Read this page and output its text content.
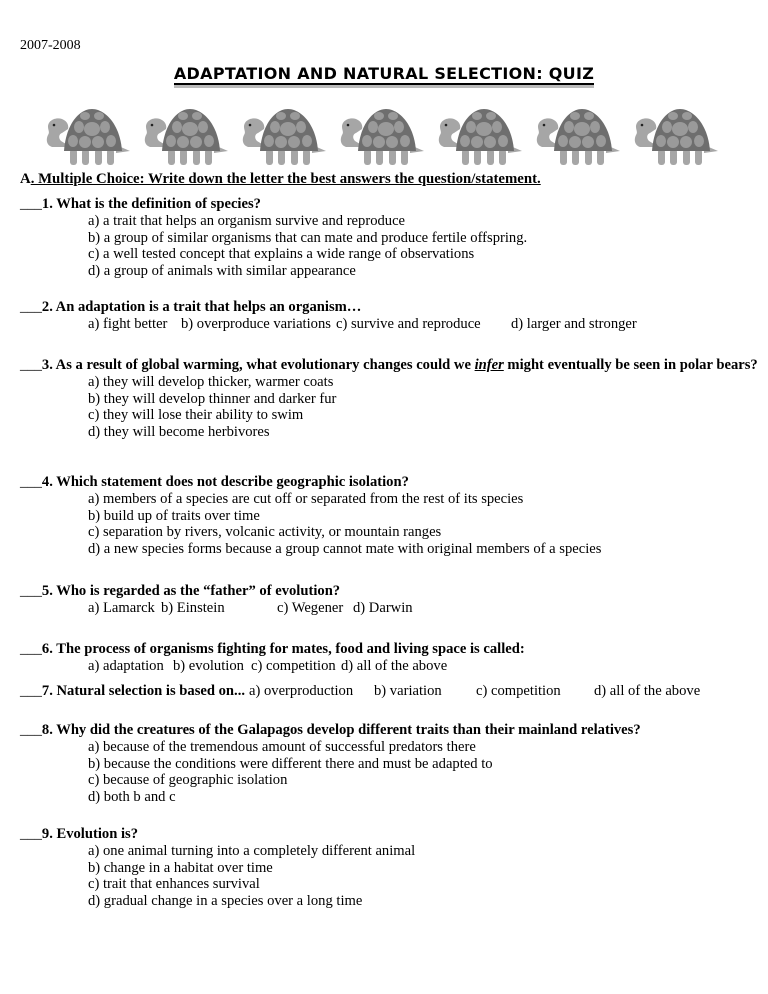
2007-2008
ADAPTATION AND NATURAL SELECTION: QUIZ
A. Multiple Choice: Write down the letter the best answers the question/statement.
___1. What is the definition of species?
a) a trait that helps an organism survive and reproduce
b) a group of similar organisms that can mate and produce fertile offspring.
c) a well tested concept that explains a wide range of observations
d) a group of animals with similar appearance
___2. An adaptation is a trait that helps an organism…
a) fight better b) overproduce variations c) survive and reproduce d) larger and stronger
___3. As a result of global warming, what evolutionary changes could we infer might eventually be seen in polar bears?
a) they will develop thicker, warmer coats
b) they will develop thinner and darker fur
c) they will lose their ability to swim
d) they will become herbivores
___4. Which statement does not describe geographic isolation?
a) members of a species are cut off or separated from the rest of its species
b) build up of traits over time
c) separation by rivers, volcanic activity, or mountain ranges
d) a new species forms because a group cannot mate with original members of a species
___5. Who is regarded as the “father” of evolution?
a) Lamarck b) Einstein	c) Wegener d) Darwin
___6. The process of organisms fighting for mates, food and living space is called:
a) adaptation b) evolution c) competition d) all of the above
___7. Natural selection is based on... a) overproduction b) variation c) competition d) all of the above
___8. Why did the creatures of the Galapagos develop different traits than their mainland relatives?
a) because of the tremendous amount of successful predators there
b) because the conditions were different there and must be adapted to
c) because of geographic isolation
d) both b and c
___9. Evolution is?
a) one animal turning into a completely different animal
b) change in a habitat over time
c) trait that enhances survival
d) gradual change in a species over a long time
